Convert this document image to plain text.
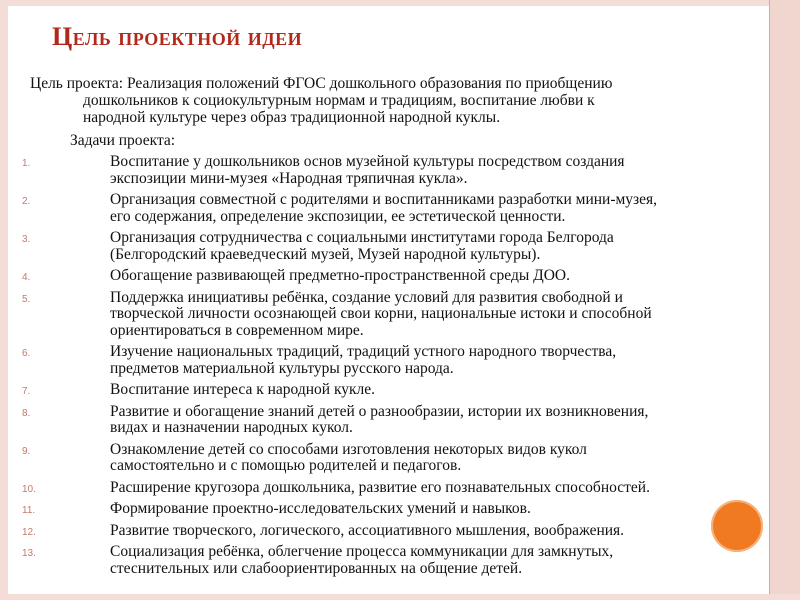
Цель проектной идеи
Цель проекта: Реализация положений ФГОС дошкольного образования по приобщению
дошкольников к социокультурным нормам и традициям, воспитание любви к
народной культуре через образ традиционной народной куклы.
Задачи проекта:
1.	Воспитание у дошкольников основ музейной культуры посредством создания
экспозиции мини-музея «Народная тряпичная кукла».
2.	Организация совместной с родителями и воспитанниками разработки мини-музея,
его содержания, определение экспозиции, ее эстетической ценности.
3.	Организация сотрудничества с социальными институтами города Белгорода
(Белгородский краеведческий музей, Музей народной культуры).
4.	Обогащение развивающей предметно-пространственной среды ДОО.
5.	Поддержка инициативы ребёнка, создание условий для развития свободной и
творческой личности осознающей свои корни, национальные истоки и способной
ориентироваться в современном мире.
6.	Изучение национальных традиций, традиций устного народного творчества,
предметов материальной культуры русского народа.
7.	Воспитание интереса к народной кукле.
8.	Развитие и обогащение знаний детей о разнообразии, истории их возникновения,
видах и назначении народных кукол.
9.	Ознакомление детей со способами изготовления некоторых видов кукол
самостоятельно и с помощью родителей и педагогов.
10.	Расширение кругозора дошкольника, развитие его познавательных способностей.
11.	Формирование проектно-исследовательских умений и навыков.
12.	Развитие творческого, логического, ассоциативного мышления, воображения.
13.	Социализация ребёнка, облегчение процесса коммуникации для замкнутых,
стеснительных или слабоориентированных на общение детей.
